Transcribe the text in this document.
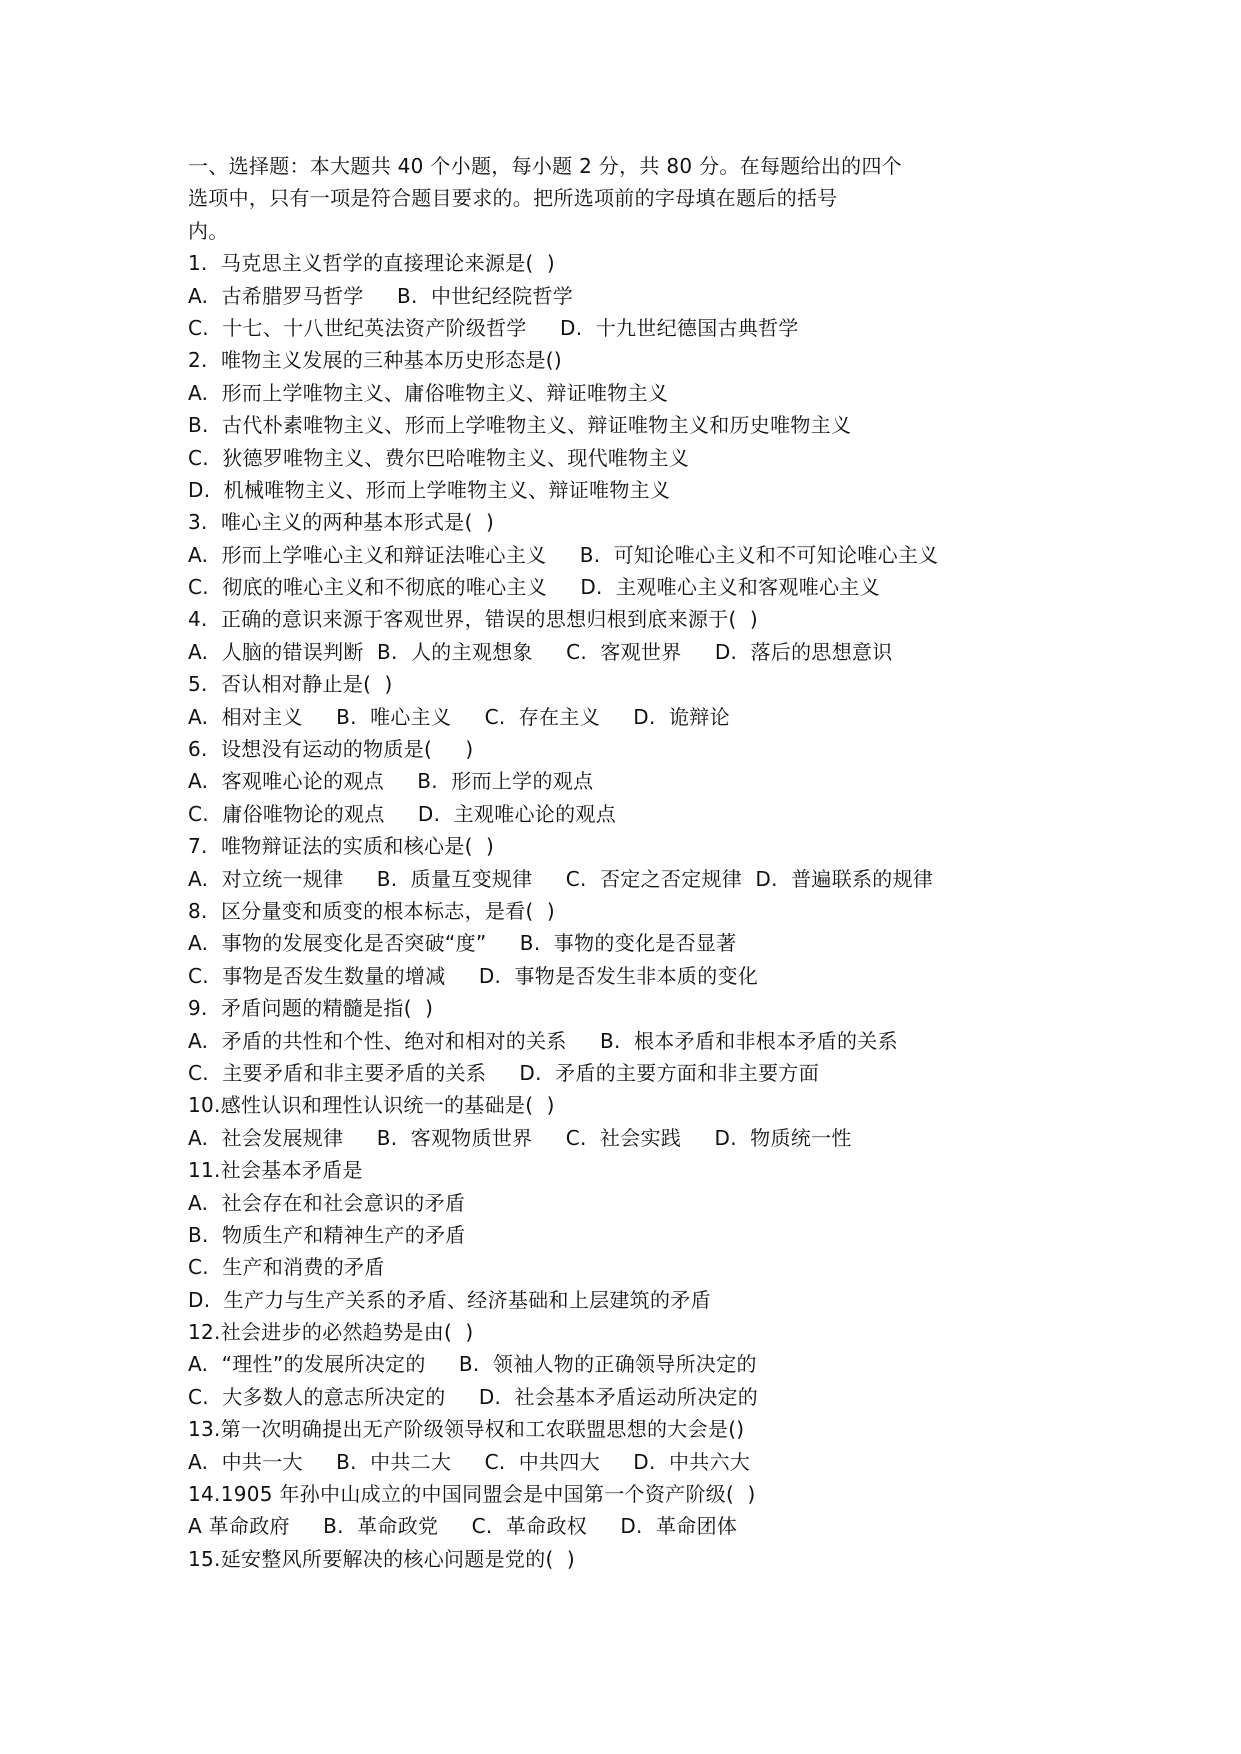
一、选择题：本大题共 40 个小题，每小题 2 分，共 80 分。在每题给出的四个
选项中，只有一项是符合题目要求的。把所选项前的字母填在题后的括号
内。
1.  马克思主义哲学的直接理论来源是(  )
A.  古希腊罗马哲学     B.  中世纪经院哲学
C.  十七、十八世纪英法资产阶级哲学     D.  十九世纪德国古典哲学
2.  唯物主义发展的三种基本历史形态是()
A.  形而上学唯物主义、庸俗唯物主义、辩证唯物主义
B.  古代朴素唯物主义、形而上学唯物主义、辩证唯物主义和历史唯物主义
C.  狄德罗唯物主义、费尔巴哈唯物主义、现代唯物主义
D.  机械唯物主义、形而上学唯物主义、辩证唯物主义
3.  唯心主义的两种基本形式是(  )
A.  形而上学唯心主义和辩证法唯心主义     B.  可知论唯心主义和不可知论唯心主义
C.  彻底的唯心主义和不彻底的唯心主义     D.  主观唯心主义和客观唯心主义
4.  正确的意识来源于客观世界，错误的思想归根到底来源于(  )
A.  人脑的错误判断  B.  人的主观想象     C.  客观世界     D.  落后的思想意识
5.  否认相对静止是(  )
A.  相对主义     B.  唯心主义     C.  存在主义     D.  诡辩论
6.  设想没有运动的物质是(     )
A.  客观唯心论的观点     B.  形而上学的观点
C.  庸俗唯物论的观点     D.  主观唯心论的观点
7.  唯物辩证法的实质和核心是(  )
A.  对立统一规律     B.  质量互变规律     C.  否定之否定规律  D.  普遍联系的规律
8.  区分量变和质变的根本标志，是看(  )
A.  事物的发展变化是否突破“度”     B.  事物的变化是否显著
C.  事物是否发生数量的增减     D.  事物是否发生非本质的变化
9.  矛盾问题的精髓是指(  )
A.  矛盾的共性和个性、绝对和相对的关系     B.  根本矛盾和非根本矛盾的关系
C.  主要矛盾和非主要矛盾的关系     D.  矛盾的主要方面和非主要方面
10.感性认识和理性认识统一的基础是(  )
A.  社会发展规律     B.  客观物质世界     C.  社会实践     D.  物质统一性
11.社会基本矛盾是
A.  社会存在和社会意识的矛盾
B.  物质生产和精神生产的矛盾
C.  生产和消费的矛盾
D.  生产力与生产关系的矛盾、经济基础和上层建筑的矛盾
12.社会进步的必然趋势是由(  )
A.  “理性”的发展所决定的     B.  领袖人物的正确领导所决定的
C.  大多数人的意志所决定的     D.  社会基本矛盾运动所决定的
13.第一次明确提出无产阶级领导权和工农联盟思想的大会是()
A.  中共一大     B.  中共二大     C.  中共四大     D.  中共六大
14.1905 年孙中山成立的中国同盟会是中国第一个资产阶级(  )
A 革命政府     B.  革命政党     C.  革命政权     D.  革命团体
15.延安整风所要解决的核心问题是党的(  )
